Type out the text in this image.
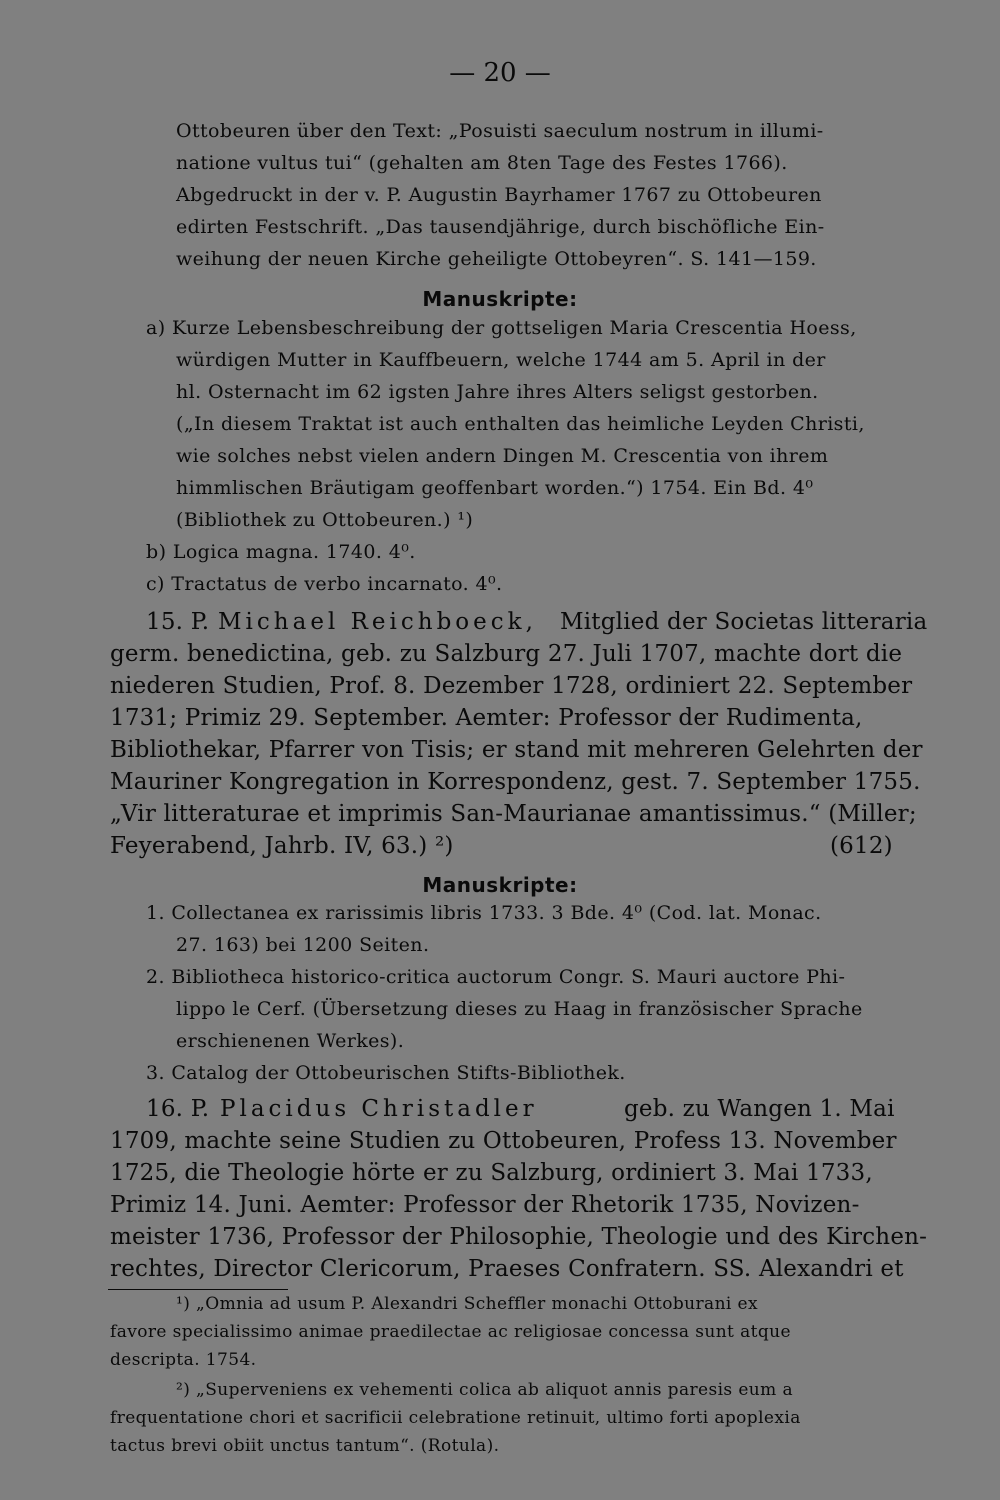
— 20 —
Ottobeuren über den Text: „Posuisti saeculum nostrum in illumi-
natione vultus tui“ (gehalten am 8ten Tage des Festes 1766).
Abgedruckt in der v. P. Augustin Bayrhamer 1767 zu Ottobeuren
edirten Festschrift. „Das tausendjährige, durch bischöfliche Ein-
weihung der neuen Kirche geheiligte Ottobeyren“. S. 141—159.
Manuskripte:
a) Kurze Lebensbeschreibung der gottseligen Maria Crescentia Hoess,
würdigen Mutter in Kauffbeuern, welche 1744 am 5. April in der
hl. Osternacht im 62 igsten Jahre ihres Alters seligst gestorben.
(„In diesem Traktat ist auch enthalten das heimliche Leyden Christi,
wie solches nebst vielen andern Dingen M. Crescentia von ihrem
himmlischen Bräutigam geoffenbart worden.“) 1754. Ein Bd. 4⁰
(Bibliothek zu Ottobeuren.) ¹)
b) Logica magna. 1740. 4⁰.
c) Tractatus de verbo incarnato. 4⁰.
15. P. Michael Reichboeck, Mitglied der Societas litteraria
germ. benedictina, geb. zu Salzburg 27. Juli 1707, machte dort die
niederen Studien, Prof. 8. Dezember 1728, ordiniert 22. September
1731; Primiz 29. September. Aemter: Professor der Rudimenta,
Bibliothekar, Pfarrer von Tisis; er stand mit mehreren Gelehrten der
Mauriner Kongregation in Korrespondenz, gest. 7. September 1755.
„Vir litteraturae et imprimis San-Maurianae amantissimus.“ (Miller;
Feyerabend, Jahrb. IV, 63.) ²)	(612)
Manuskripte:
1. Collectanea ex rarissimis libris 1733. 3 Bde. 4⁰ (Cod. lat. Monac.
27. 163) bei 1200 Seiten.
2. Bibliotheca historico-critica auctorum Congr. S. Mauri auctore Phi-
lippo le Cerf. (Übersetzung dieses zu Haag in französischer Sprache
erschienenen Werkes).
3. Catalog der Ottobeurischen Stifts-Bibliothek.
16. P. Placidus Christadler	geb. zu Wangen 1. Mai
1709, machte seine Studien zu Ottobeuren, Profess 13. November
1725, die Theologie hörte er zu Salzburg, ordiniert 3. Mai 1733,
Primiz 14. Juni. Aemter: Professor der Rhetorik 1735, Novizen-
meister 1736, Professor der Philosophie, Theologie und des Kirchen-
rechtes, Director Clericorum, Praeses Confratern. SS. Alexandri et
¹) „Omnia ad usum P. Alexandri Scheffler monachi Ottoburani ex
favore specialissimo animae praedilectae ac religiosae concessa sunt atque
descripta. 1754.
²) „Superveniens ex vehementi colica ab aliquot annis paresis eum a
frequentatione chori et sacrificii celebratione retinuit, ultimo forti apoplexia
tactus brevi obiit unctus tantum“. (Rotula).
